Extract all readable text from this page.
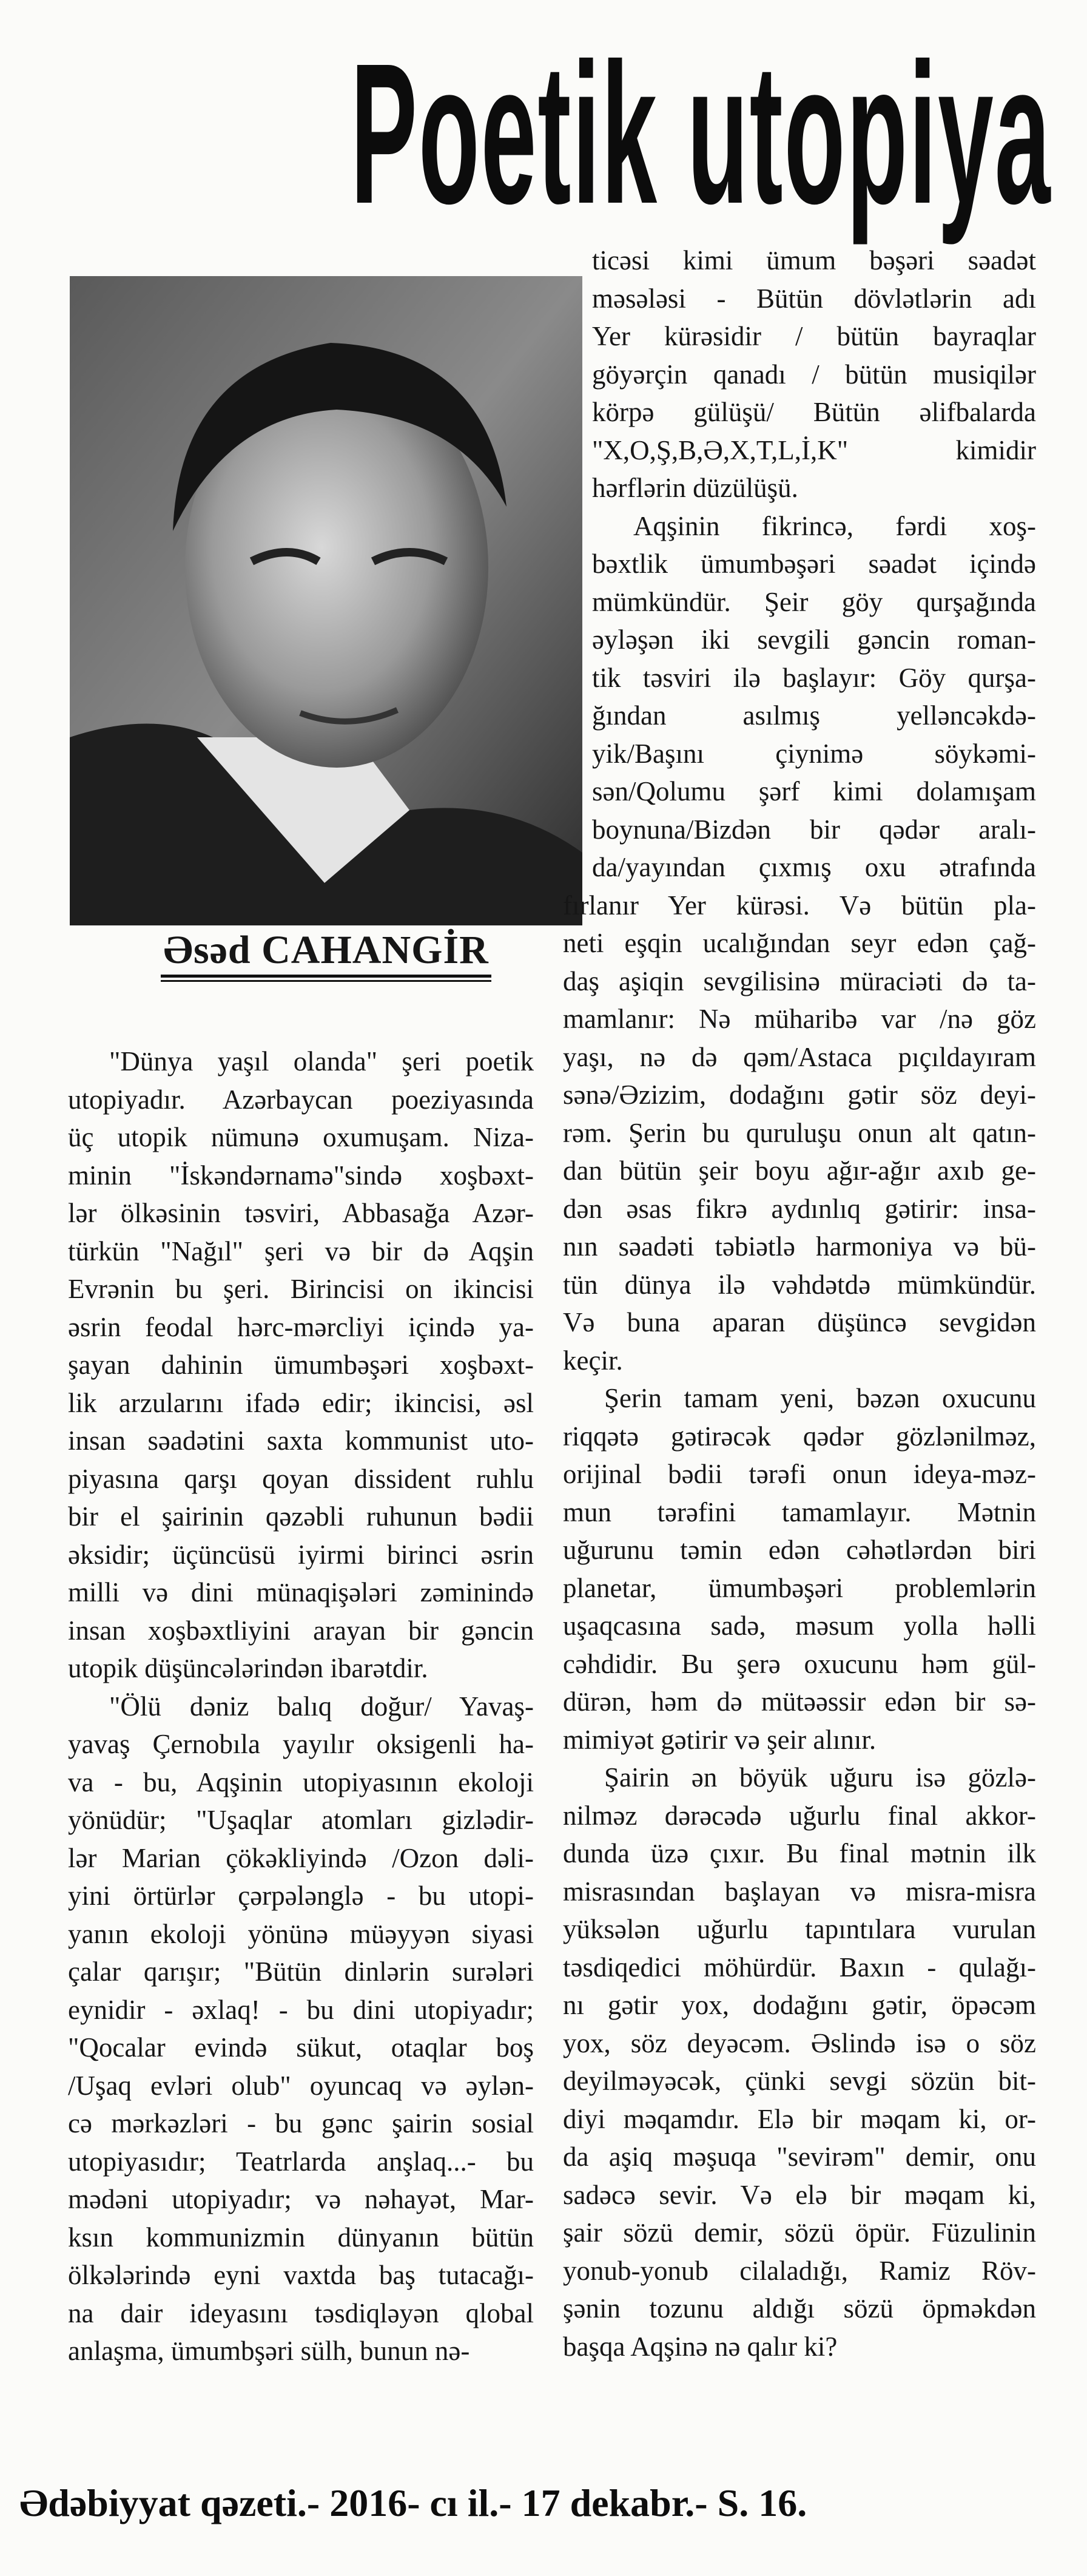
Poetik utopiya
Əsəd CAHANGİR
"Dünya yaşıl olanda" şeri poetik
utopiyadır. Azərbaycan poeziyasında
üç utopik nümunə oxumuşam. Niza-
minin "İskəndərnamə"sində xoşbəxt-
lər ölkəsinin təsviri, Abbasağa Azər-
türkün "Nağıl" şeri və bir də Aqşin
Evrənin bu şeri. Birincisi on ikincisi
əsrin feodal hərc-mərcliyi içində ya-
şayan dahinin ümumbəşəri xoşbəxt-
lik arzularını ifadə edir; ikincisi, əsl
insan səadətini saxta kommunist uto-
piyasına qarşı qoyan dissident ruhlu
bir el şairinin qəzəbli ruhunun bədii
əksidir; üçüncüsü iyirmi birinci əsrin
milli və dini münaqişələri zəminində
insan xoşbəxtliyini arayan bir gəncin
utopik düşüncələrindən ibarətdir.
"Ölü dəniz balıq doğur/ Yavaş-
yavaş Çernobıla yayılır oksigenli ha-
va - bu, Aqşinin utopiyasının ekoloji
yönüdür; "Uşaqlar atomları gizlədir-
lər Marian çökəkliyində /Ozon dəli-
yini örtürlər çərpələnglə - bu utopi-
yanın ekoloji yönünə müəyyən siyasi
çalar qarışır; "Bütün dinlərin surələri
eynidir - əxlaq! - bu dini utopiyadır;
"Qocalar evində sükut, otaqlar boş
/Uşaq evləri olub" oyuncaq və əylən-
cə mərkəzləri - bu gənc şairin sosial
utopiyasıdır; Teatrlarda anşlaq...- bu
mədəni utopiyadır; və nəhayət, Mar-
ksın kommunizmin dünyanın bütün
ölkələrində eyni vaxtda baş tutacağı-
na dair ideyasını təsdiqləyən qlobal
anlaşma, ümumbşəri sülh, bunun nə-
ticəsi kimi ümum bəşəri səadət
məsələsi - Bütün dövlətlərin adı
Yer kürəsidir / bütün bayraqlar
göyərçin qanadı / bütün musiqilər
körpə gülüşü/ Bütün əlifbalarda
"X,O,Ş,B,Ə,X,T,L,İ,K" kimidir
hərflərin düzülüşü.
Aqşinin fikrincə, fərdi xoş-
bəxtlik ümumbəşəri səadət içində
mümkündür. Şeir göy qurşağında
əyləşən iki sevgili gəncin roman-
tik təsviri ilə başlayır: Göy qurşa-
ğından asılmış yelləncəkdə-
yik/Başını çiynimə söykəmi-
sən/Qolumu şərf kimi dolamışam
boynuna/Bizdən bir qədər aralı-
da/yayından çıxmış oxu ətrafında
fırlanır Yer kürəsi. Və bütün pla-
neti eşqin ucalığından seyr edən çağ-
daş aşiqin sevgilisinə müraciəti də ta-
mamlanır: Nə müharibə var /nə göz
yaşı, nə də qəm/Astaca pıçıldayıram
sənə/Əzizim, dodağını gətir söz deyi-
rəm. Şerin bu quruluşu onun alt qatın-
dan bütün şeir boyu ağır-ağır axıb ge-
dən əsas fikrə aydınlıq gətirir: insa-
nın səadəti təbiətlə harmoniya və bü-
tün dünya ilə vəhdətdə mümkündür.
Və buna aparan düşüncə sevgidən
keçir.
Şerin tamam yeni, bəzən oxucunu
riqqətə gətirəcək qədər gözlənilməz,
orijinal bədii tərəfi onun ideya-məz-
mun tərəfini tamamlayır. Mətnin
uğurunu təmin edən cəhətlərdən biri
planetar, ümumbəşəri problemlərin
uşaqcasına sadə, məsum yolla həlli
cəhdidir. Bu şerə oxucunu həm gül-
dürən, həm də mütəəssir edən bir sə-
mimiyət gətirir və şeir alınır.
Şairin ən böyük uğuru isə gözlə-
nilməz dərəcədə uğurlu final akkor-
dunda üzə çıxır. Bu final mətnin ilk
misrasından başlayan və misra-misra
yüksələn uğurlu tapıntılara vurulan
təsdiqedici möhürdür. Baxın - qulağı-
nı gətir yox, dodağını gətir, öpəcəm
yox, söz deyəcəm. Əslində isə o söz
deyilməyəcək, çünki sevgi sözün bit-
diyi məqamdır. Elə bir məqam ki, or-
da aşiq məşuqa "sevirəm" demir, onu
sadəcə sevir. Və elə bir məqam ki,
şair sözü demir, sözü öpür. Füzulinin
yonub-yonub cilaladığı, Ramiz Röv-
şənin tozunu aldığı sözü öpməkdən
başqa Aqşinə nə qalır ki?
Ədəbiyyat qəzeti.- 2016- cı il.- 17 dekabr.- S. 16.
